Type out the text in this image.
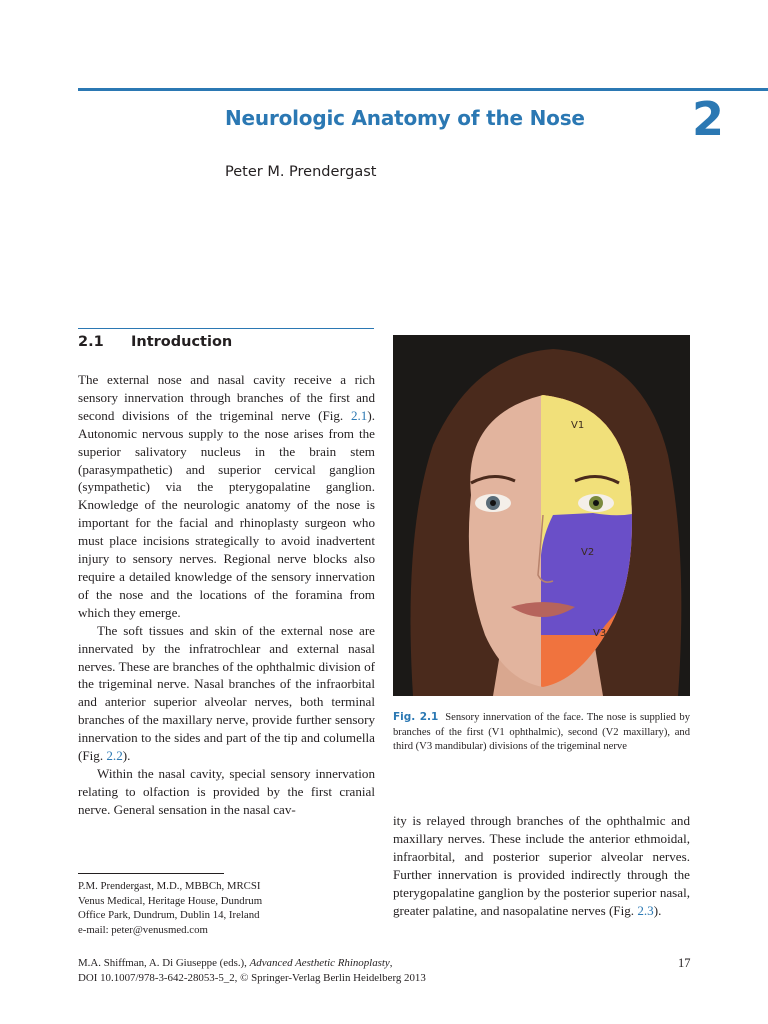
Neurologic Anatomy of the Nose 2
Peter M. Prendergast
2.1 Introduction

The external nose and nasal cavity receive a rich sensory innervation through branches of the first and second divisions of the trigeminal nerve (Fig. 2.1). Autonomic nervous supply to the nose arises from the superior salivatory nucleus in the brain stem (parasympathetic) and superior cervical ganglion (sympathetic) via the pterygopalatine ganglion. Knowledge of the neurologic anatomy of the nose is important for the facial and rhinoplasty surgeon who must place incisions strategically to avoid inadvertent injury to sensory nerves. Regional nerve blocks also require a detailed knowledge of the sensory innervation of the nose and the locations of the foramina from which they emerge.

The soft tissues and skin of the external nose are innervated by the infratrochlear and external nasal nerves. These are branches of the ophthalmic division of the trigeminal nerve. Nasal branches of the infraorbital and anterior superior alveolar nerves, both terminal branches of the maxillary nerve, provide further sensory innervation to the sides and part of the tip and columella (Fig. 2.2).

Within the nasal cavity, special sensory innervation relating to olfaction is provided by the first cranial nerve. General sensation in the nasal cav-

V1
V2
V3
Fig. 2.1 Sensory innervation of the face. The nose is supplied by branches of the first (V1 ophthalmic), second (V2 maxillary), and third (V3 mandibular) divisions of the trigeminal nerve

ity is relayed through branches of the ophthalmic and maxillary nerves. These include the anterior ethmoidal, infraorbital, and posterior superior alveolar nerves. Further innervation is provided indirectly through the pterygopalatine ganglion by the posterior superior nasal, greater palatine, and nasopalatine nerves (Fig. 2.3).

P.M. Prendergast, M.D., MBBCh, MRCSI
Venus Medical, Heritage House, Dundrum
Office Park, Dundrum, Dublin 14, Ireland
e-mail: peter@venusmed.com
M.A. Shiffman, A. Di Giuseppe (eds.), Advanced Aesthetic Rhinoplasty,
DOI 10.1007/978-3-642-28053-5_2, © Springer-Verlag Berlin Heidelberg 2013
17
